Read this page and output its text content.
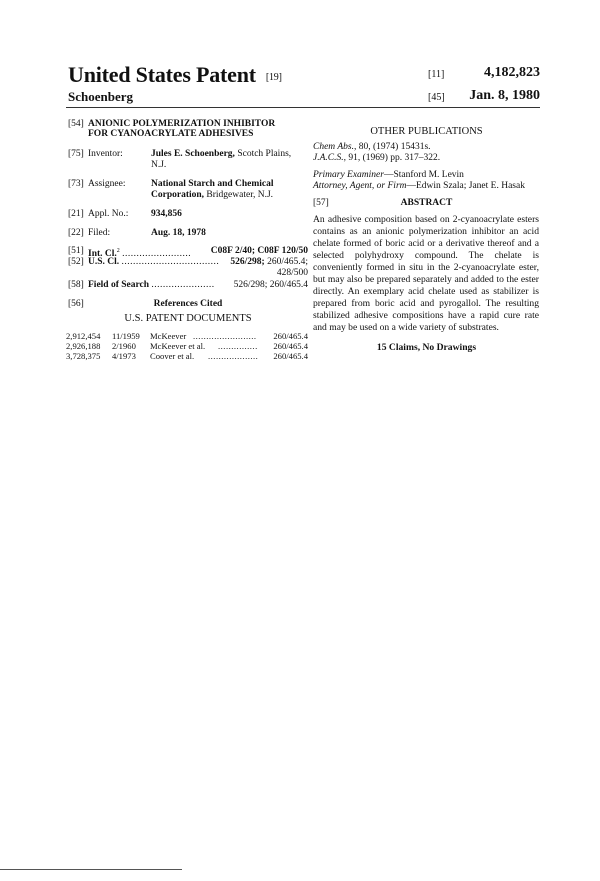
United States Patent [19]
Schoenberg
[11]	4,182,823
[45]	Jan. 8, 1980
[54] ANIONIC POLYMERIZATION INHIBITOR
FOR CYANOACRYLATE ADHESIVES
[75] Inventor:	Jules E. Schoenberg, Scotch Plains,
N.J.
[73] Assignee:	National Starch and Chemical
Corporation, Bridgewater, N.J.
[21] Appl. No.: 934,856
[22] Filed:	Aug. 18, 1978
[51] Int. Cl.$^2$ ........................	C08F 2/40; C08F 120/50
[52] U.S. Cl. .................................. 526/298; 260/465.4;
428/500
[58] Field of Search ...................... 526/298; 260/465.4
[56]	References Cited
U.S. PATENT DOCUMENTS
2,912,454 11/1959 McKeever ........................ 260/465.4
2,926,188 2/1960 McKeever et al. ............... 260/465.4
3,728,375 4/1973 Coover et al. ................... 260/465.4
OTHER PUBLICATIONS
Chem Abs., 80, (1974) 15431s.
J.A.C.S., 91, (1969) pp. 317–322.
Primary Examiner—Stanford M. Levin
Attorney, Agent, or Firm—Edwin Szala; Janet E. Hasak
[57]	ABSTRACT
An adhesive composition based on 2-cyanoacrylate esters contains as an anionic polymerization inhibitor an acid chelate formed of boric acid or a derivative thereof and a selected polyhydroxy compound. The chelate is conveniently formed in situ in the 2-cyanoacrylate ester, but may also be prepared separately and added to the ester directly. An exemplary acid chelate used as stabilizer is prepared from boric acid and pyrogallol. The resulting stabilized adhesive compositions have a rapid cure rate and may be used on a wide variety of substrates.
15 Claims, No Drawings
